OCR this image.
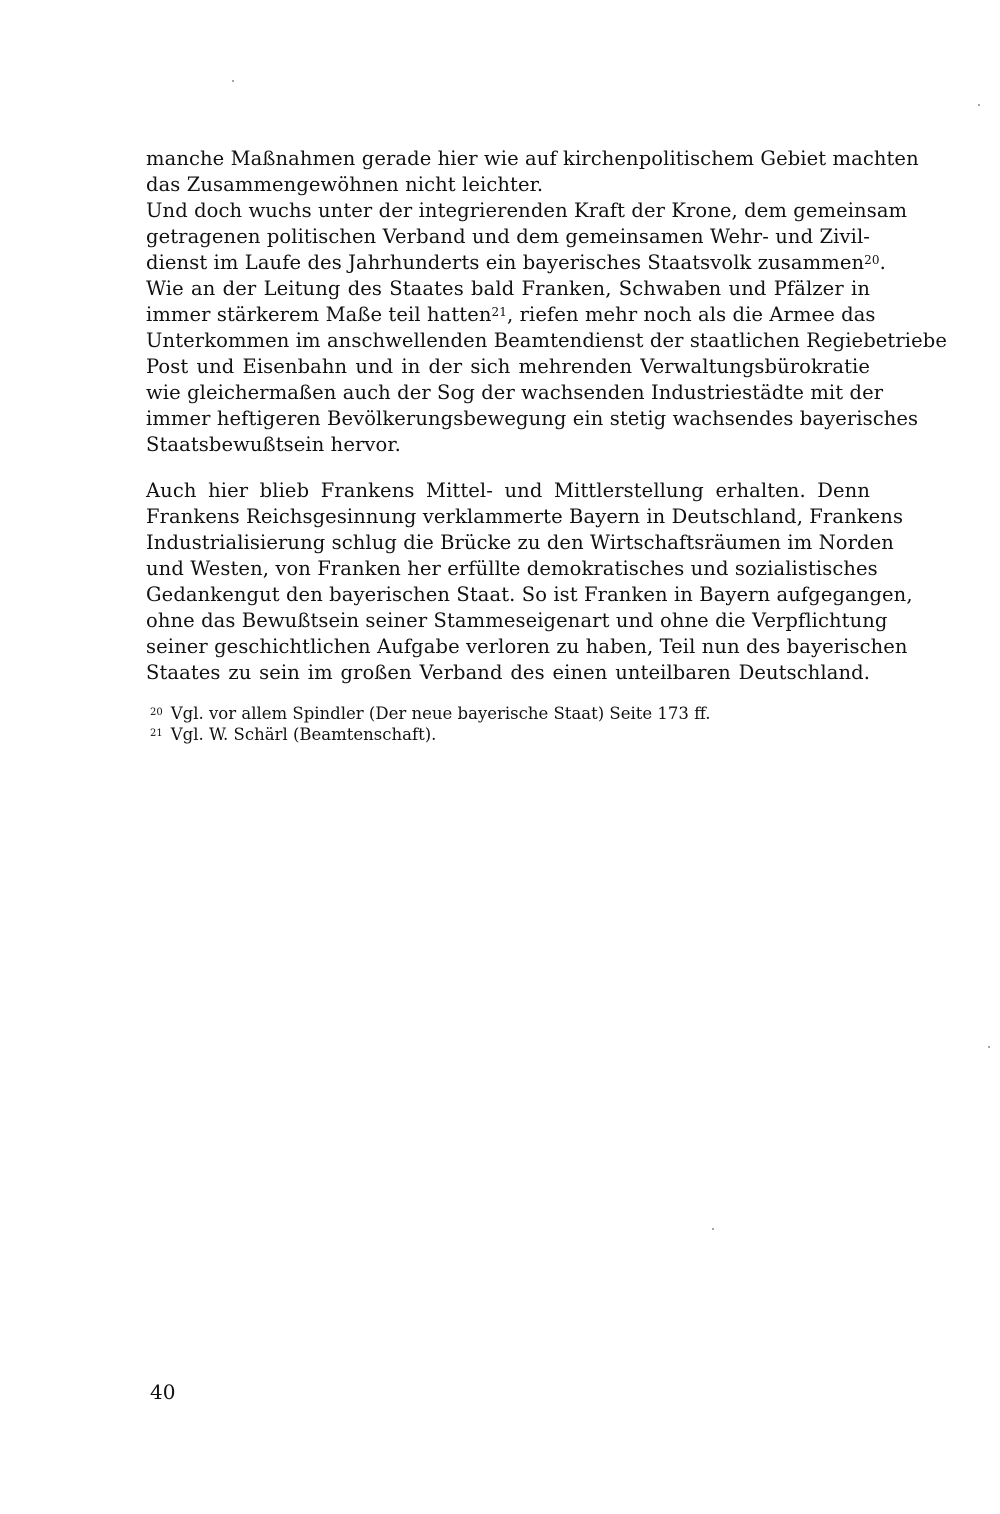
manche Maßnahmen gerade hier wie auf kirchenpolitischem Gebiet machten
das Zusammengewöhnen nicht leichter.
Und doch wuchs unter der integrierenden Kraft der Krone, dem gemeinsam
getragenen politischen Verband und dem gemeinsamen Wehr- und Zivil-
dienst im Laufe des Jahrhunderts ein bayerisches Staatsvolk zusammen$^{20}$.
Wie an der Leitung des Staates bald Franken, Schwaben und Pfälzer in
immer stärkerem Maße teil hatten$^{21}$, riefen mehr noch als die Armee das
Unterkommen im anschwellenden Beamtendienst der staatlichen Regiebetriebe
Post und Eisenbahn und in der sich mehrenden Verwaltungsbürokratie
wie gleichermaßen auch der Sog der wachsenden Industriestädte mit der
immer heftigeren Bevölkerungsbewegung ein stetig wachsendes bayerisches
Staatsbewußtsein hervor.
Auch hier blieb Frankens Mittel- und Mittlerstellung erhalten. Denn
Frankens Reichsgesinnung verklammerte Bayern in Deutschland, Frankens
Industrialisierung schlug die Brücke zu den Wirtschaftsräumen im Norden
und Westen, von Franken her erfüllte demokratisches und sozialistisches
Gedankengut den bayerischen Staat. So ist Franken in Bayern aufgegangen,
ohne das Bewußtsein seiner Stammeseigenart und ohne die Verpflichtung
seiner geschichtlichen Aufgabe verloren zu haben, Teil nun des bayerischen
Staates zu sein im großen Verband des einen unteilbaren Deutschland.
$^{20}$ Vgl. vor allem Spindler (Der neue bayerische Staat) Seite 173 ff.
$^{21}$ Vgl. W. Schärl (Beamtenschaft).
40
